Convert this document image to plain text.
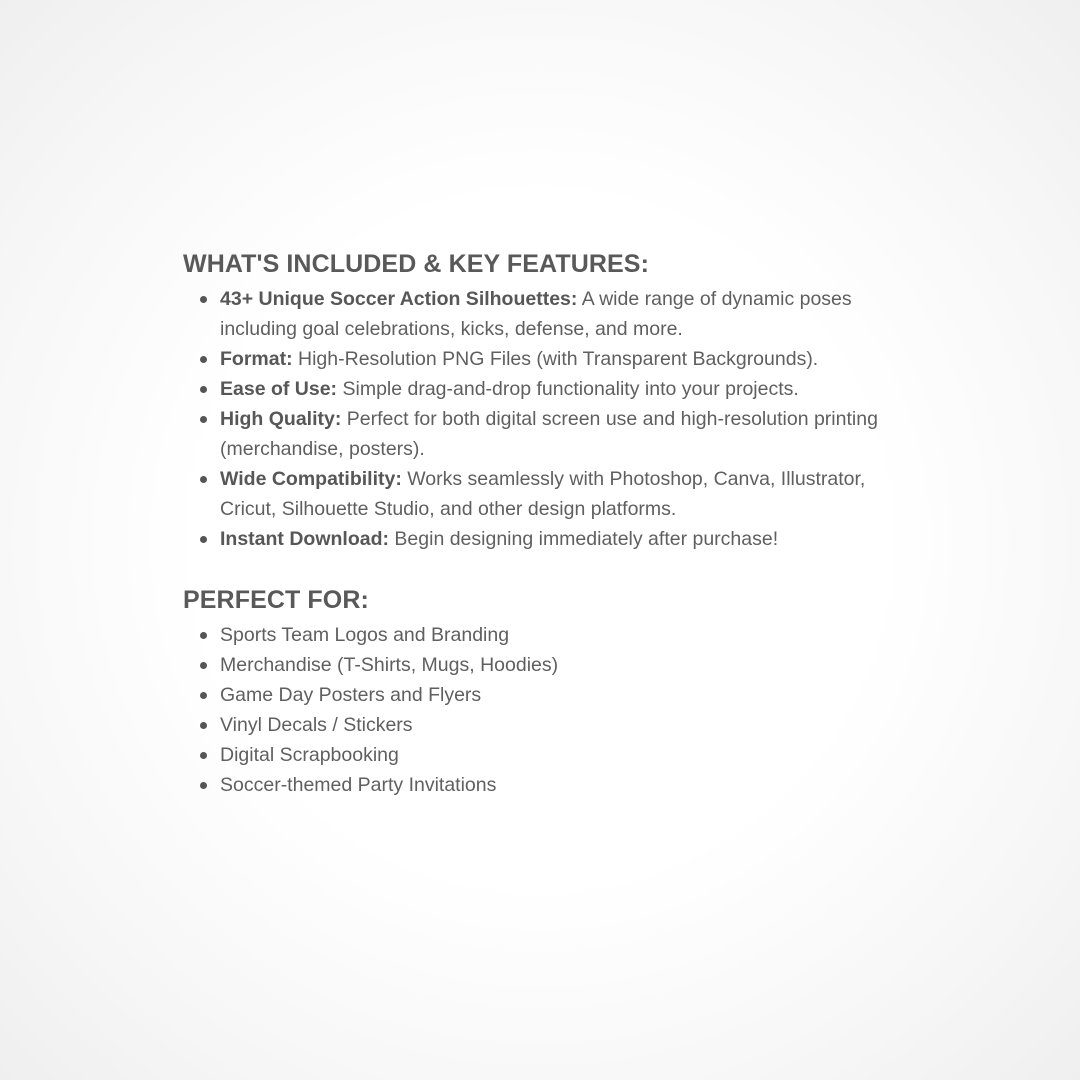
WHAT'S INCLUDED & KEY FEATURES:
43+ Unique Soccer Action Silhouettes: A wide range of dynamic poses including goal celebrations, kicks, defense, and more.
Format: High-Resolution PNG Files (with Transparent Backgrounds).
Ease of Use: Simple drag-and-drop functionality into your projects.
High Quality: Perfect for both digital screen use and high-resolution printing (merchandise, posters).
Wide Compatibility: Works seamlessly with Photoshop, Canva, Illustrator, Cricut, Silhouette Studio, and other design platforms.
Instant Download: Begin designing immediately after purchase!
PERFECT FOR:
Sports Team Logos and Branding
Merchandise (T-Shirts, Mugs, Hoodies)
Game Day Posters and Flyers
Vinyl Decals / Stickers
Digital Scrapbooking
Soccer-themed Party Invitations
